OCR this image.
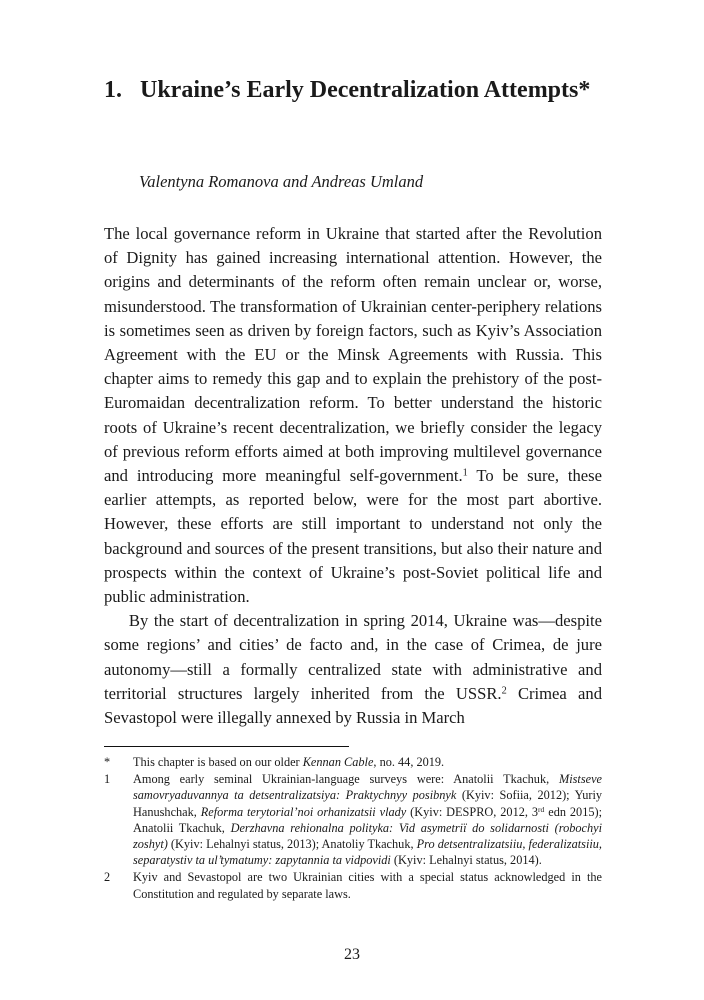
1. Ukraine’s Early Decentralization Attempts*
Valentyna Romanova and Andreas Umland

The local governance reform in Ukraine that started after the Revolution of Dignity has gained increasing international attention. However, the origins and determinants of the reform often remain unclear or, worse, misunderstood. The transformation of Ukrainian center-periphery relations is sometimes seen as driven by foreign factors, such as Kyiv’s Association Agreement with the EU or the Minsk Agreements with Russia. This chapter aims to remedy this gap and to explain the prehistory of the post-Euromaidan decentralization reform. To better understand the historic roots of Ukraine’s recent decentralization, we briefly consider the legacy of previous reform efforts aimed at both improving multilevel governance and introducing more meaningful self-government.$^1$ To be sure, these earlier attempts, as reported below, were for the most part abortive. However, these efforts are still important to understand not only the background and sources of the present transitions, but also their nature and prospects within the context of Ukraine’s post-Soviet political life and public administration.

By the start of decentralization in spring 2014, Ukraine was—despite some regions’ and cities’ de facto and, in the case of Crimea, de jure autonomy—still a formally centralized state with administrative and territorial structures largely inherited from the USSR.$^2$ Crimea and Sevastopol were illegally annexed by Russia in March

*	This chapter is based on our older Kennan Cable, no. 44, 2019.
1	Among early seminal Ukrainian-language surveys were: Anatolii Tkachuk, Mistseve samovryaduvannya ta detsentralizatsiya: Praktychnyy posibnyk (Kyiv: Sofiia, 2012); Yuriy Hanushchak, Reforma terytorial’noi orhanizatsii vlady (Kyiv: DESPRO, 2012, 3rd edn 2015); Anatolii Tkachuk, Derzhavna rehionalna polityka: Vid asymetriï do solidarnosti (robochyi zoshyt) (Kyiv: Lehalnyi status, 2013); Anatoliy Tkachuk, Pro detsentralizatsiiu, federalizatsiiu, separatystiv ta ul’tymatumy: zapytannia ta vidpovidi (Kyiv: Lehalnyi status, 2014).
2	Kyiv and Sevastopol are two Ukrainian cities with a special status acknowledged in the Constitution and regulated by separate laws.
23
